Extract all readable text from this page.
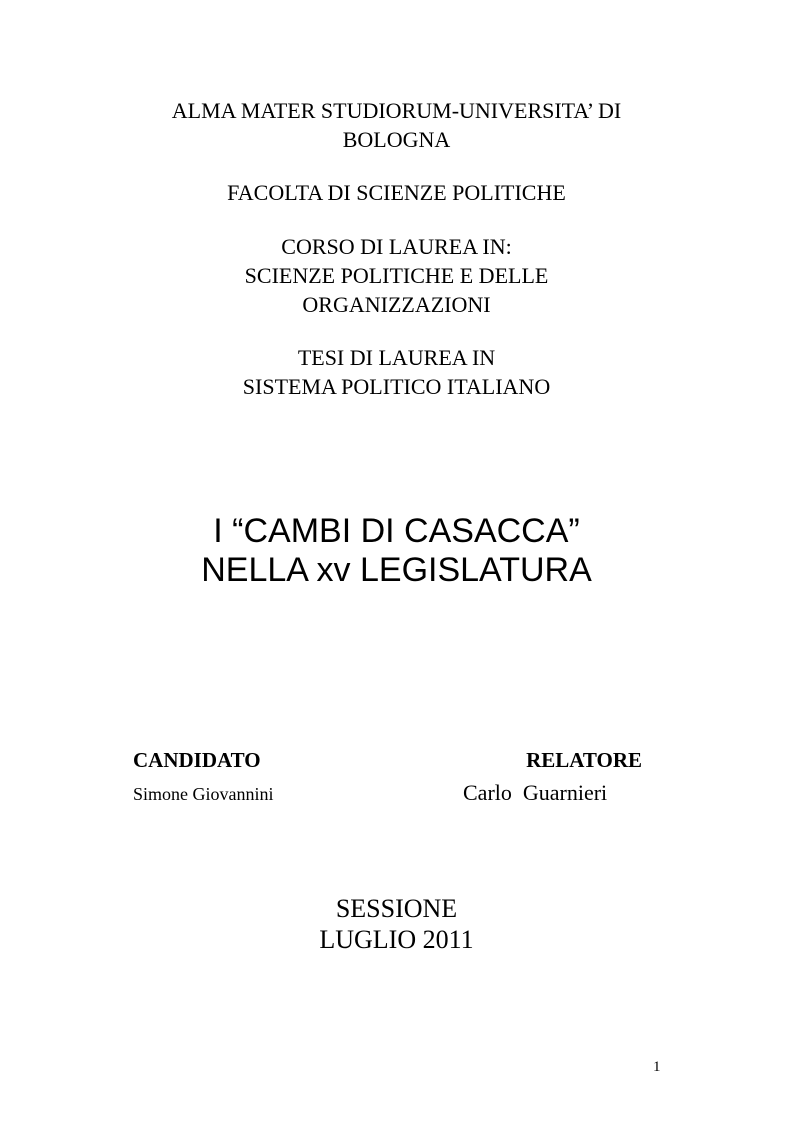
ALMA MATER STUDIORUM-UNIVERSITA’ DI
BOLOGNA
FACOLTA DI SCIENZE POLITICHE
CORSO DI LAUREA IN:
SCIENZE POLITICHE E DELLE
ORGANIZZAZIONI
TESI DI LAUREA IN
SISTEMA POLITICO ITALIANO
I “CAMBI DI CASACCA”
NELLA xv LEGISLATURA
CANDIDATO	RELATORE
Simone Giovannini	Carlo  Guarnieri
SESSIONE
LUGLIO 2011
1
